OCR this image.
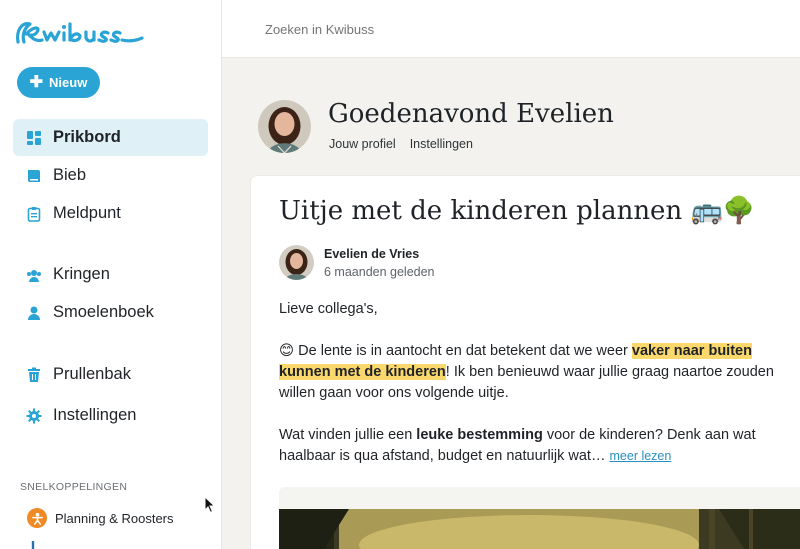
✚ Nieuw
Prikbord
Bieb
Meldpunt
Kringen
Smoelenboek
Prullenbak
Instellingen
SNELKOPPELINGEN
Planning & Roosters
Zoeken in Kwibuss
Goedenavond Evelien
Jouw profiel Instellingen
Uitje met de kinderen plannen 🚌🌳
Evelien de Vries
6 maanden geleden

Lieve collega's,

😊 De lente is in aantocht en dat betekent dat we weer vaker naar buiten kunnen met de kinderen! Ik ben benieuwd waar jullie graag naartoe zouden willen gaan voor ons volgende uitje.

Wat vinden jullie een leuke bestemming voor de kinderen? Denk aan wat haalbaar is qua afstand, budget en natuurlijk wat… meer lezen
